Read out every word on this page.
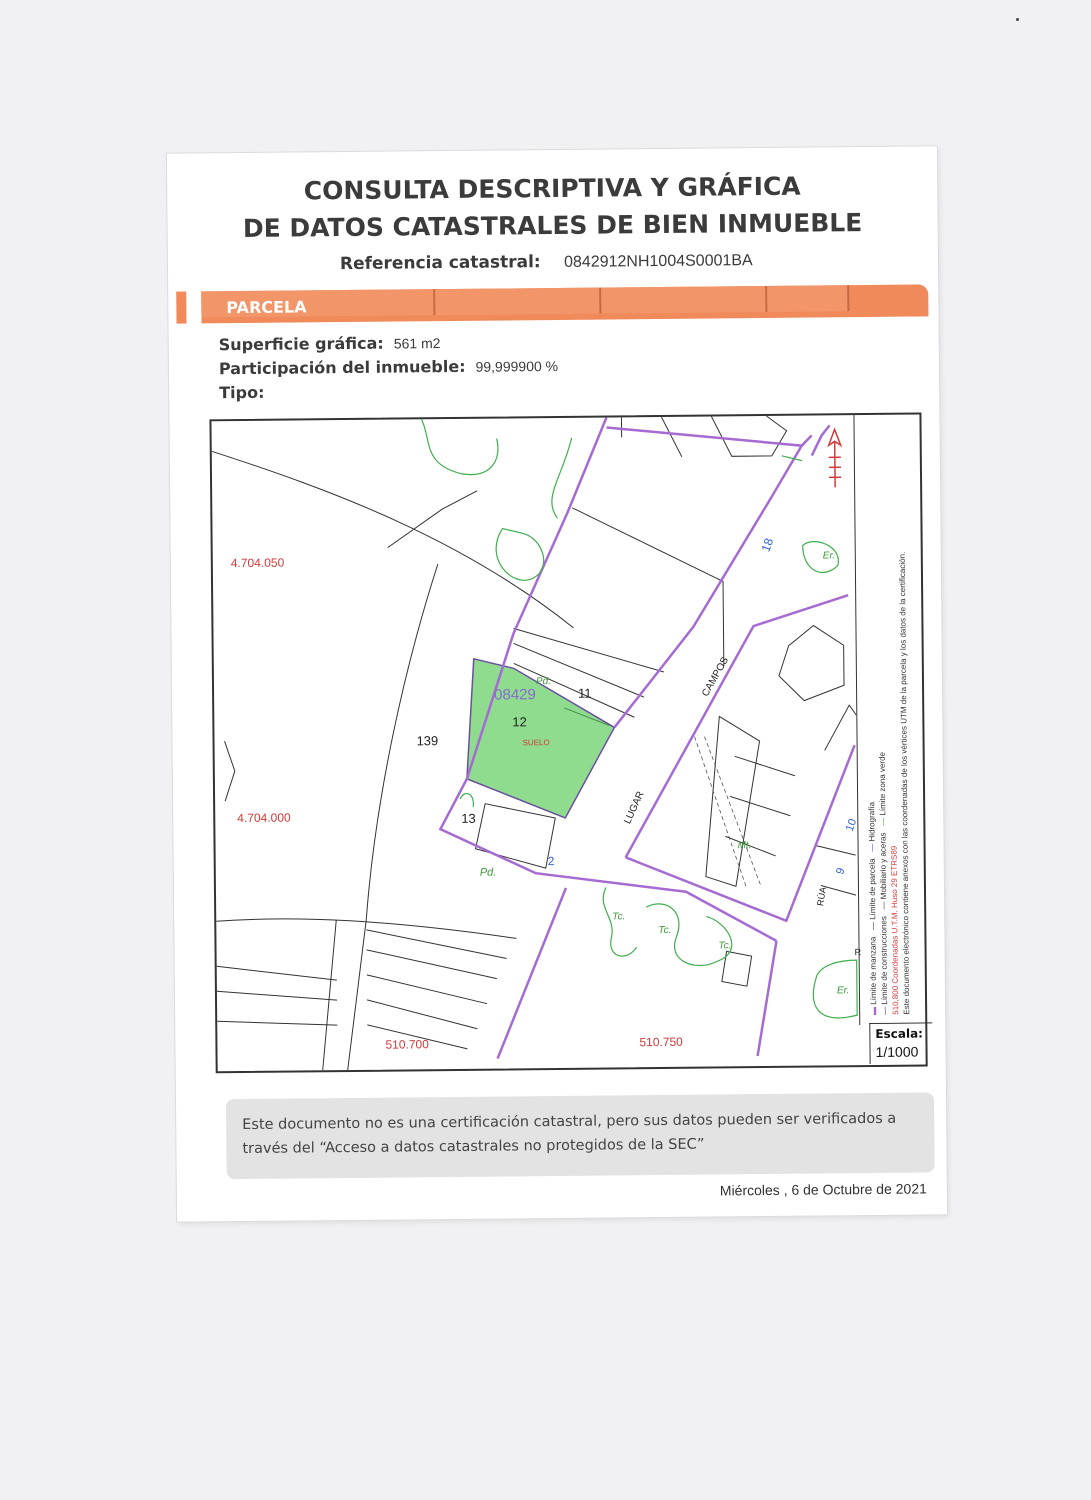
CONSULTA DESCRIPTIVA Y GRÁFICA
DE DATOS CATASTRALES DE BIEN INMUEBLE
Referencia catastral: 0842912NH1004S0001BA
PARCELA
Superficie gráfica: 561 m2
Participación del inmueble: 99,999900 %
Tipo:
4.704.050
4.704.000
510.700	510.750
08429
Pd.
12
SUELO
11
139
13
Pd.
CAMPOS
LUGAR
18
2
RÚA
9
10
Er.
Er.
Mt.
Tc.
Tc.
Tc.
R
▬ Límite de manzana   — Límite de parcela   — Hidrografía
— Límite de construcciones   — Mobiliario y aceras   — Límite zona verde
510,800 Coordenadas U.T.M. Huso 29 ETRS89
Este documento electrónico contiene anexos con las coordenadas de los vértices UTM de la parcela y los datos de la certificación.
Escala:
1/1000

Este documento no es una certificación catastral, pero sus datos pueden ser verificados a través del “Acceso a datos catastrales no protegidos de la SEC”

Miércoles , 6 de Octubre de 2021
